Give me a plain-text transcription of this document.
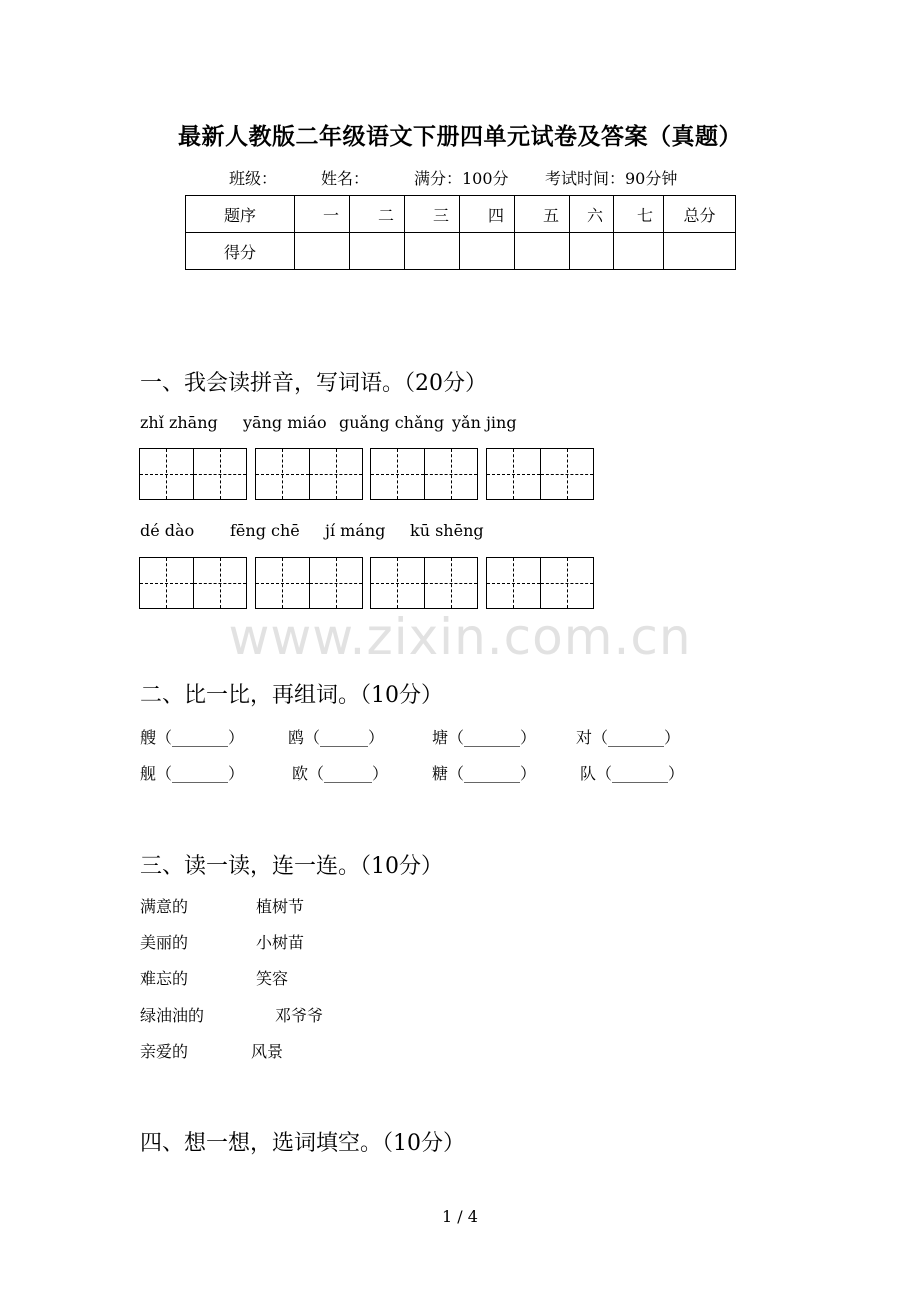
最新人教版二年级语文下册四单元试卷及答案（真题）
班级：	姓名：	满分：100分 考试时间：90分钟
题序	一	二	三	四	五	六	七	总分
得分								
一、我会读拼音，写词语。（20分）
zhǐ zhāng yāng miáo guǎng chǎng yǎn jing
dé dào fēng chē jí máng kū shēng
www.zixin.com.cn
二、比一比，再组词。（10分）
艘（_______）	鸥（______）	塘（_______） 对（_______）
舰（_______）	欧（______）	糖（_______）	队（_______）
三、读一读，连一连。（10分）
满意的	植树节
美丽的	小树苗
难忘的	笑容
绿油油的	邓爷爷
亲爱的	风景
四、想一想，选词填空。（10分）
1 / 4
